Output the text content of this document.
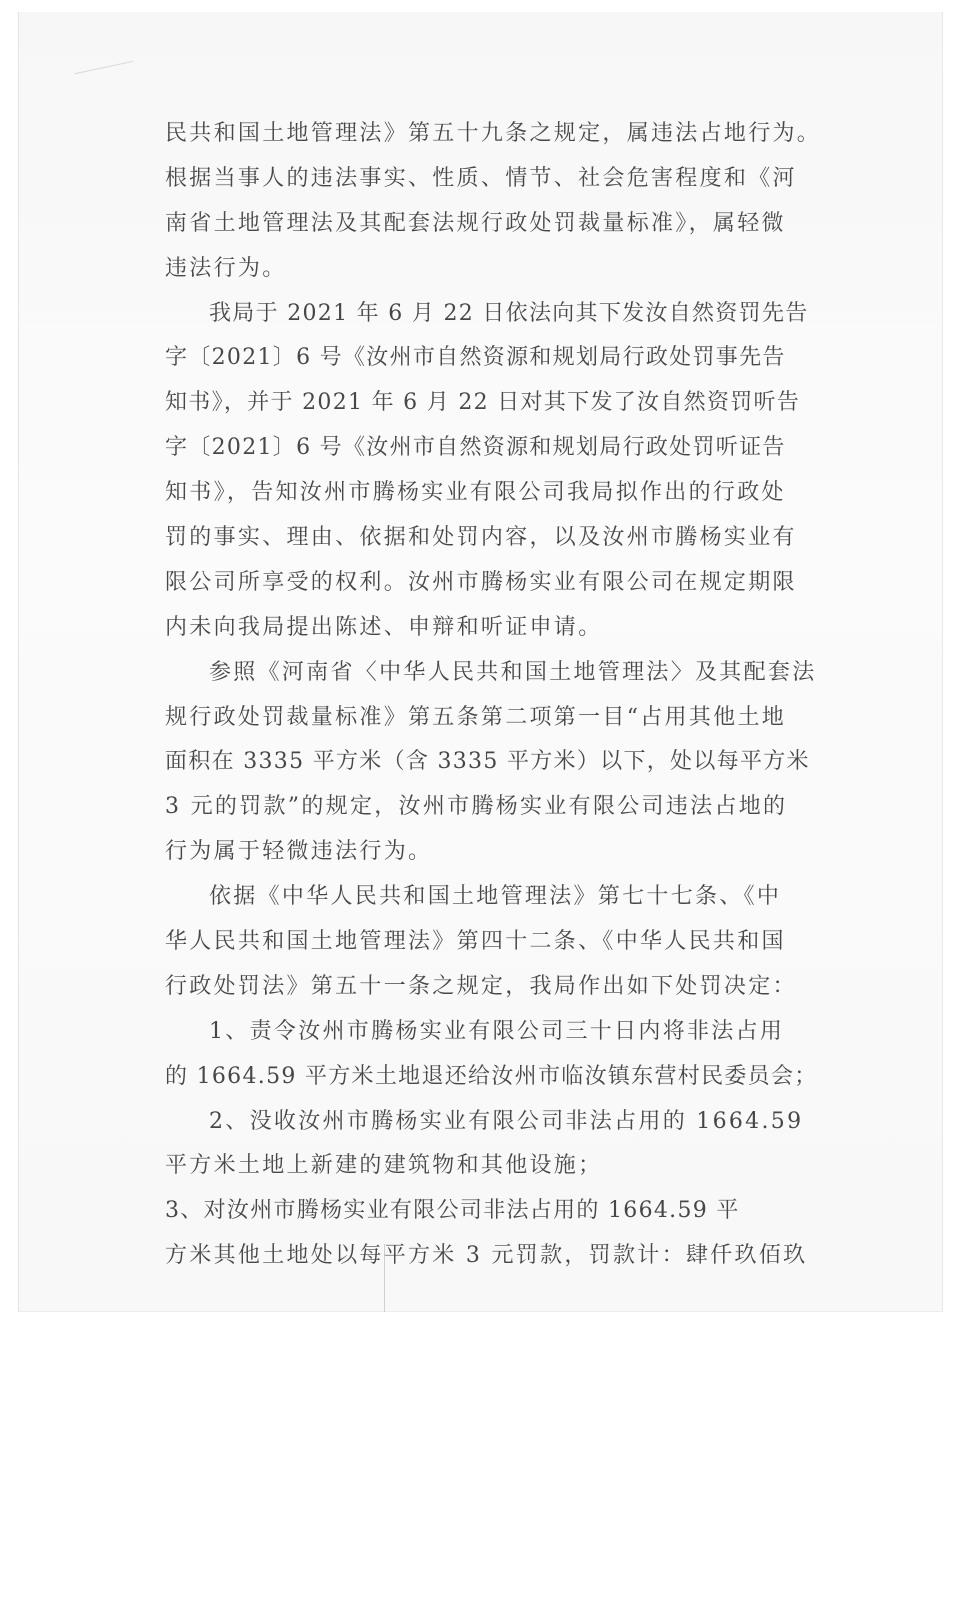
民共和国土地管理法》第五十九条之规定，属违法占地行为。
根据当事人的违法事实、性质、情节、社会危害程度和《河
南省土地管理法及其配套法规行政处罚裁量标准》，属轻微
违法行为。
我局于 2021 年 6 月 22 日依法向其下发汝自然资罚先告
字〔2021〕6 号《汝州市自然资源和规划局行政处罚事先告
知书》，并于 2021 年 6 月 22 日对其下发了汝自然资罚听告
字〔2021〕6 号《汝州市自然资源和规划局行政处罚听证告
知书》，告知汝州市腾杨实业有限公司我局拟作出的行政处
罚的事实、理由、依据和处罚内容，以及汝州市腾杨实业有
限公司所享受的权利。汝州市腾杨实业有限公司在规定期限
内未向我局提出陈述、申辩和听证申请。
参照《河南省〈中华人民共和国土地管理法〉及其配套法
规行政处罚裁量标准》第五条第二项第一目“占用其他土地
面积在 3335 平方米（含 3335 平方米）以下，处以每平方米
3 元的罚款”的规定，汝州市腾杨实业有限公司违法占地的
行为属于轻微违法行为。
依据《中华人民共和国土地管理法》第七十七条、《中
华人民共和国土地管理法》第四十二条、《中华人民共和国
行政处罚法》第五十一条之规定，我局作出如下处罚决定：
1、责令汝州市腾杨实业有限公司三十日内将非法占用
的 1664.59 平方米土地退还给汝州市临汝镇东营村民委员会；
2、没收汝州市腾杨实业有限公司非法占用的 1664.59
平方米土地上新建的建筑物和其他设施；
3、对汝州市腾杨实业有限公司非法占用的 1664.59 平
方米其他土地处以每平方米 3 元罚款，罚款计：肆仟玖佰玖
